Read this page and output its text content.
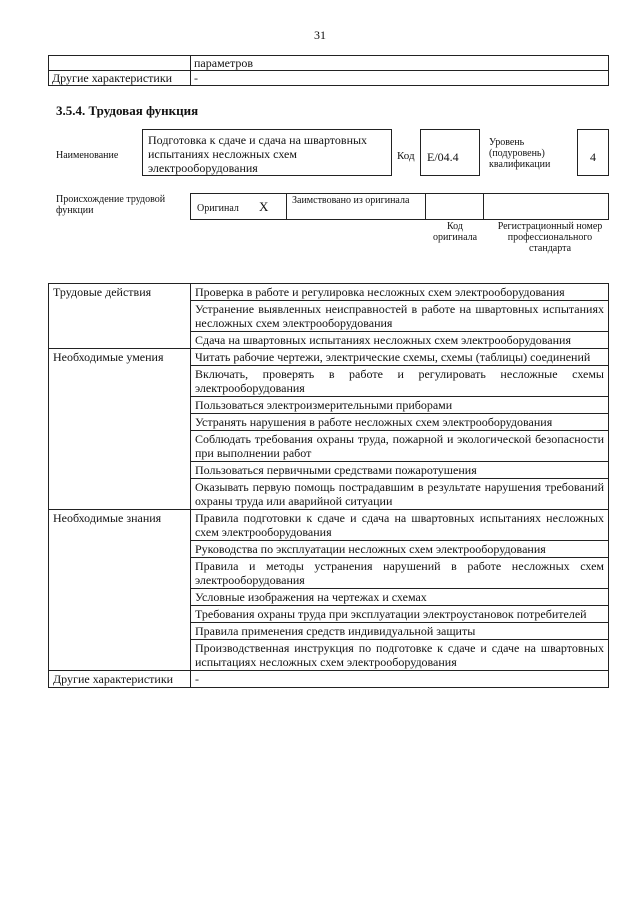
31
	параметров
Другие характеристики	-
3.5.4. Трудовая функция
Наименование
Подготовка к сдаче и сдача на швартовных испытаниях несложных схем электрооборудования
Код	E/04.4
Уровень (подуровень) квалификации
4
Происхождение трудовой функции	Оригинал X	Заимствовано из оригинала
Код оригинала
Регистрационный номер профессионального стандарта
Трудовые действия	Проверка в работе и регулировка несложных схем электрооборудования
	Устранение выявленных неисправностей в работе на швартовных испытаниях несложных схем электрооборудования
	Сдача на швартовных испытаниях несложных схем электрооборудования
Необходимые умения	Читать рабочие чертежи, электрические схемы, схемы (таблицы) соединений
	Включать, проверять в работе и регулировать несложные схемы электрооборудования
	Пользоваться электроизмерительными приборами
	Устранять нарушения в работе несложных схем электрооборудования
	Соблюдать требования охраны труда, пожарной и экологической безопасности при выполнении работ
	Пользоваться первичными средствами пожаротушения
	Оказывать первую помощь пострадавшим в результате нарушения требований охраны труда или аварийной ситуации
Необходимые знания	Правила подготовки к сдаче и сдача на швартовных испытаниях несложных схем электрооборудования
	Руководства по эксплуатации несложных схем электрооборудования
	Правила и методы устранения нарушений в работе несложных схем электрооборудования
	Условные изображения на чертежах и схемах
	Требования охраны труда при эксплуатации электроустановок потребителей
	Правила применения средств индивидуальной защиты
	Производственная инструкция по подготовке к сдаче и сдаче на швартовных испытациях несложных схем электрооборудования
Другие характеристики	-
